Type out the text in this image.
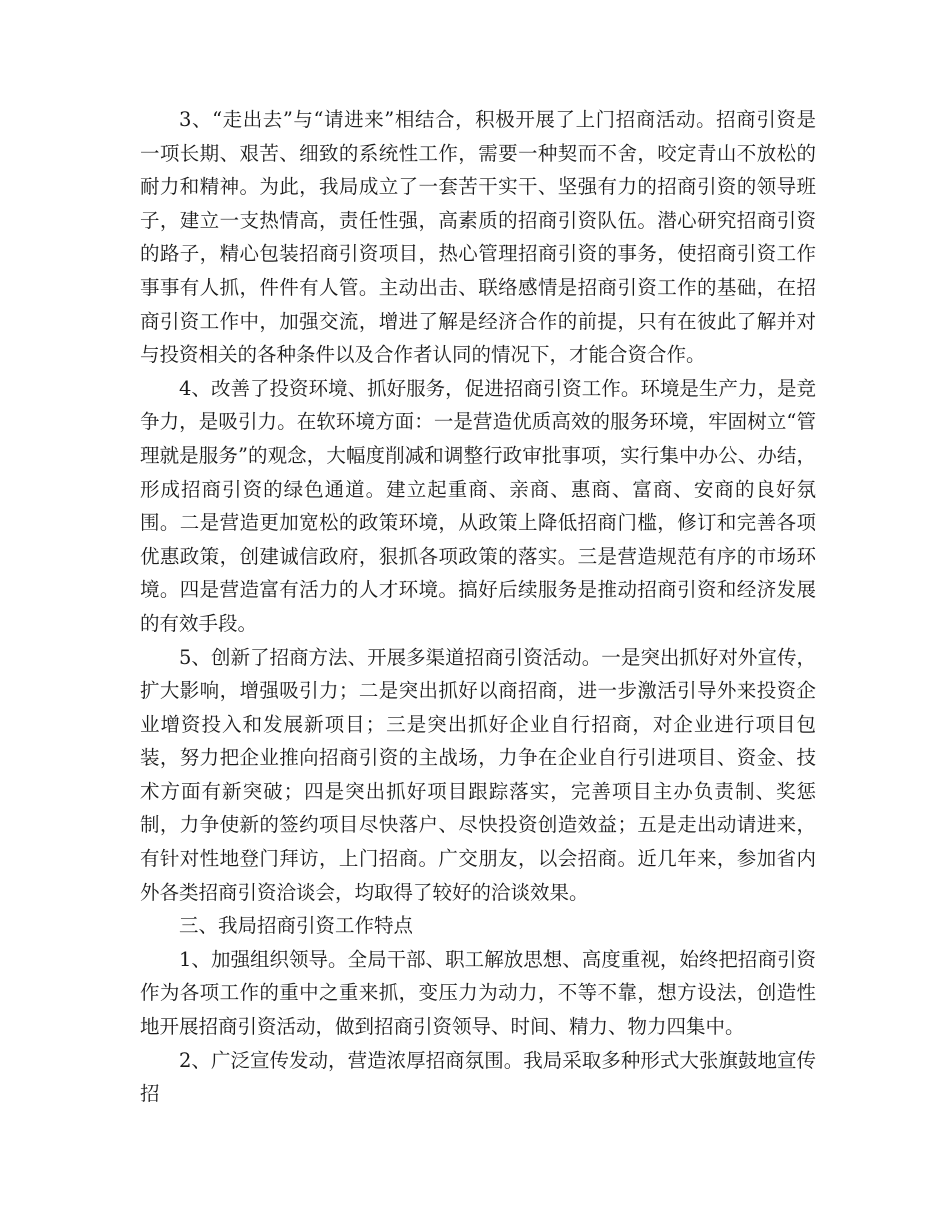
3、“走出去”与“请进来”相结合，积极开展了上门招商活动。招商引资是一项长期、艰苦、细致的系统性工作，需要一种契而不舍，咬定青山不放松的耐力和精神。为此，我局成立了一套苦干实干、坚强有力的招商引资的领导班子，建立一支热情高，责任性强，高素质的招商引资队伍。潜心研究招商引资的路子，精心包装招商引资项目，热心管理招商引资的事务，使招商引资工作事事有人抓，件件有人管。主动出击、联络感情是招商引资工作的基础，在招商引资工作中，加强交流，增进了解是经济合作的前提，只有在彼此了解并对与投资相关的各种条件以及合作者认同的情况下，才能合资合作。

4、改善了投资环境、抓好服务，促进招商引资工作。环境是生产力，是竞争力，是吸引力。在软环境方面：一是营造优质高效的服务环境，牢固树立“管理就是服务”的观念，大幅度削减和调整行政审批事项，实行集中办公、办结，形成招商引资的绿色通道。建立起重商、亲商、惠商、富商、安商的良好氛围。二是营造更加宽松的政策环境，从政策上降低招商门槛，修订和完善各项优惠政策，创建诚信政府，狠抓各项政策的落实。三是营造规范有序的市场环境。四是营造富有活力的人才环境。搞好后续服务是推动招商引资和经济发展的有效手段。

5、创新了招商方法、开展多渠道招商引资活动。一是突出抓好对外宣传，扩大影响，增强吸引力；二是突出抓好以商招商，进一步激活引导外来投资企业增资投入和发展新项目；三是突出抓好企业自行招商，对企业进行项目包装，努力把企业推向招商引资的主战场，力争在企业自行引进项目、资金、技术方面有新突破；四是突出抓好项目跟踪落实，完善项目主办负责制、奖惩制，力争使新的签约项目尽快落户、尽快投资创造效益；五是走出动请进来，有针对性地登门拜访，上门招商。广交朋友，以会招商。近几年来，参加省内外各类招商引资洽谈会，均取得了较好的洽谈效果。

三、我局招商引资工作特点

1、加强组织领导。全局干部、职工解放思想、高度重视，始终把招商引资作为各项工作的重中之重来抓，变压力为动力，不等不靠，想方设法，创造性地开展招商引资活动，做到招商引资领导、时间、精力、物力四集中。

2、广泛宣传发动，营造浓厚招商氛围。我局采取多种形式大张旗鼓地宣传招
